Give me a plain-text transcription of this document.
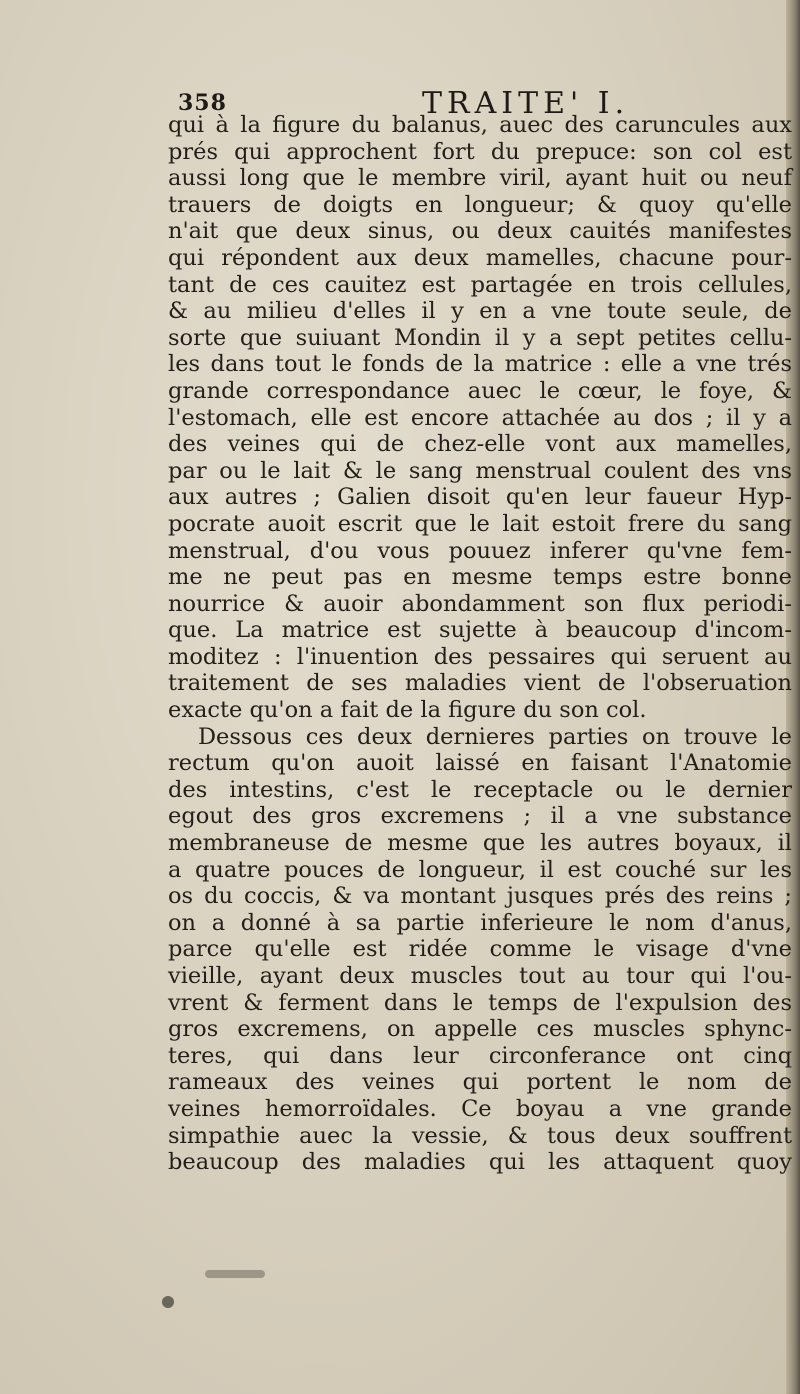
358	TRAITE' I.
qui à la figure du balanus, auec des caruncules aux
prés qui approchent fort du prepuce: son col est
aussi long que le membre viril, ayant huit ou neuf
trauers de doigts en longueur; & quoy qu'elle
n'ait que deux sinus, ou deux cauités manifestes
qui répondent aux deux mamelles, chacune pour-
tant de ces cauitez est partagée en trois cellules,
& au milieu d'elles il y en a vne toute seule, de
sorte que suiuant Mondin il y a sept petites cellu-
les dans tout le fonds de la matrice : elle a vne trés
grande correspondance auec le cœur, le foye, &
l'estomach, elle est encore attachée au dos ; il y a
des veines qui de chez-elle vont aux mamelles,
par ou le lait & le sang menstrual coulent des vns
aux autres ; Galien disoit qu'en leur faueur Hyp-
pocrate auoit escrit que le lait estoit frere du sang
menstrual, d'ou vous pouuez inferer qu'vne fem-
me ne peut pas en mesme temps estre bonne
nourrice & auoir abondamment son flux periodi-
que. La matrice est sujette à beaucoup d'incom-
moditez : l'inuention des pessaires qui seruent au
traitement de ses maladies vient de l'obseruation
exacte qu'on a fait de la figure du son col.
Dessous ces deux dernieres parties on trouve le
rectum qu'on auoit laissé en faisant l'Anatomie
des intestins, c'est le receptacle ou le dernier
egout des gros excremens ; il a vne substance
membraneuse de mesme que les autres boyaux, il
a quatre pouces de longueur, il est couché sur les
os du coccis, & va montant jusques prés des reins ;
on a donné à sa partie inferieure le nom d'anus,
parce qu'elle est ridée comme le visage d'vne
vieille, ayant deux muscles tout au tour qui l'ou-
vrent & ferment dans le temps de l'expulsion des
gros excremens, on appelle ces muscles sphync-
teres, qui dans leur circonferance ont cinq
rameaux des veines qui portent le nom de
veines hemorroïdales. Ce boyau a vne grande
simpathie auec la vessie, & tous deux souffrent
beaucoup des maladies qui les attaquent quoy
